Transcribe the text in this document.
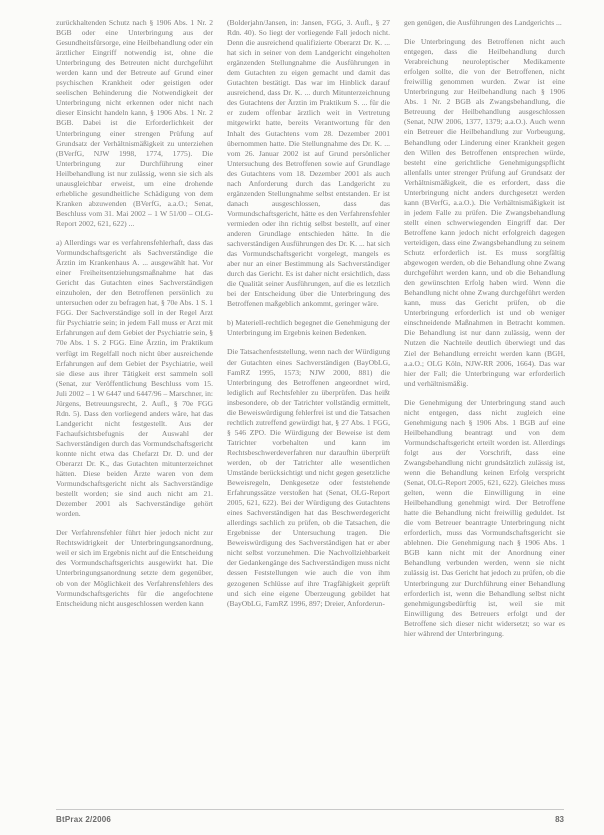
zurückhaltenden Schutz nach § 1906 Abs. 1 Nr. 2 BGB oder eine Unterbringung aus der Gesundheitsfürsorge, eine Heilbehandlung oder ein ärztlicher Eingriff notwendig ist, ohne die Unterbringung des Betreuten nicht durchgeführt werden kann und der Betreute auf Grund einer psychischen Krankheit oder geistigen oder seelischen Behinderung die Notwendigkeit der Unterbringung nicht erkennen oder nicht nach dieser Einsicht handeln kann, § 1906 Abs. 1 Nr. 2 BGB. Dabei ist die Erforderlichkeit der Unterbringung einer strengen Prüfung auf Grundsatz der Verhältnismäßigkeit zu unterziehen (BVerfG, NJW 1998, 1774, 1775). Die Unterbringung zur Durchführung einer Heilbehandlung ist nur zulässig, wenn sie sich als unausgleichbar erweist, um eine drohende erhebliche gesundheitliche Schädigung von dem Kranken abzuwenden (BVerfG, a.a.O.; Senat, Beschluss vom 31. Mai 2002 – 1 W 51/00 – OLG-Report 2002, 621, 622) ...

a) Allerdings war es verfahrensfehlerhaft, dass das Vormundschaftsgericht als Sachverständige die Ärztin im Krankenhaus A. ... ausgewählt hat. Vor einer Freiheitsentziehungsmaßnahme hat das Gericht das Gutachten eines Sachverständigen einzuholen, der den Betroffenen persönlich zu untersuchen oder zu befragen hat, § 70e Abs. 1 S. 1 FGG. Der Sachverständige soll in der Regel Arzt für Psychiatrie sein; in jedem Fall muss er Arzt mit Erfahrungen auf dem Gebiet der Psychiatrie sein, § 70e Abs. 1 S. 2 FGG. Eine Ärztin, im Praktikum verfügt im Regelfall noch nicht über ausreichende Erfahrungen auf dem Gebiet der Psychiatrie, weil sie diese aus ihrer Tätigkeit erst sammeln soll (Senat, zur Veröffentlichung Beschluss vom 15. Juli 2002 – 1 W 6447 und 6447/96 – Marschner, in: Jürgens, Betreuungsrecht, 2. Aufl., § 70e FGG Rdn. 5). Dass den vorliegend anders wäre, hat das Landgericht nicht festgestellt. Aus der Fachaufsichtsbefugnis der Auswahl der Sachverständigen durch das Vormundschaftsgericht konnte nicht etwa das Chefarzt Dr. D. und der Oberarzt Dr. K., das Gutachten mitunterzeichnet hätten. Diese beiden Ärzte waren von dem Vormundschaftsgericht nicht als Sachverständige bestellt worden; sie sind auch nicht am 21. Dezember 2001 als Sachverständige gehört worden.

Der Verfahrensfehler führt hier jedoch nicht zur Rechtswidrigkeit der Unterbringungsanordnung, weil er sich im Ergebnis nicht auf die Entscheidung des Vormundschaftsgerichts ausgewirkt hat. Die Unterbringungsanordnung setzte dem gegenüber, ob von der Möglichkeit des Verfahrensfehlers des Vormundschaftsgerichts für die angefochtene Entscheidung nicht ausgeschlossen werden kann

(Bolderjahn/Jansen, in: Jansen, FGG, 3. Aufl., § 27 Rdn. 40). So liegt der vorliegende Fall jedoch nicht. Denn die ausreichend qualifizierte Oberarzt Dr. K. ... hat sich in seiner von dem Landgericht eingeholten ergänzenden Stellungnahme die Ausführungen in dem Gutachten zu eigen gemacht und damit das Gutachten bestätigt. Das war im Hinblick darauf ausreichend, dass Dr. K. ... durch Mitunterzeichnung des Gutachtens der Ärztin im Praktikum S. ... für die er zudem offenbar ärztlich weit in Vertretung mitgewirkt hatte, bereits Verantwortung für den Inhalt des Gutachtens vom 28. Dezember 2001 übernommen hatte. Die Stellungnahme des Dr. K. ... vom 26. Januar 2002 ist auf Grund persönlicher Untersuchung des Betroffenen sowie auf Grundlage des Gutachtens vom 18. Dezember 2001 als auch nach Anforderung durch das Landgericht zu ergänzenden Stellungnahme selbst entstanden. Er ist danach ausgeschlossen, dass das Vormundschaftsgericht, hätte es den Verfahrensfehler vermieden oder ihn richtig selbst bestellt, auf einer anderen Grundlage entschieden hätte. In die sachverständigen Ausführungen des Dr. K. ... hat sich das Vormundschaftsgericht vorgelegt, mangels es aber nur an einer Bestimmung als Sachverständiger durch das Gericht. Es ist daher nicht ersichtlich, dass die Qualität seiner Ausführungen, auf die es letztlich bei der Entscheidung über die Unterbringung des Betroffenen maßgeblich ankommt, geringer wäre.

b) Materiell-rechtlich begegnet die Genehmigung der Unterbringung im Ergebnis keinen Bedenken.

Die Tatsachenfeststellung, wenn nach der Würdigung der Gutachten eines Sachverständigen (BayObLG, FamRZ 1995, 1573; NJW 2000, 881) die Unterbringung des Betroffenen angeordnet wird, lediglich auf Rechtsfehler zu überprüfen. Das heißt insbesondere, ob der Tatrichter vollständig ermittelt, die Beweiswürdigung fehlerfrei ist und die Tatsachen rechtlich zutreffend gewürdigt hat, § 27 Abs. 1 FGG, § 546 ZPO. Die Würdigung der Beweise ist dem Tatrichter vorbehalten und kann im Rechtsbeschwerdeverfahren nur daraufhin überprüft werden, ob der Tatrichter alle wesentlichen Umstände berücksichtigt und nicht gegen gesetzliche Beweisregeln, Denkgesetze oder feststehende Erfahrungssätze verstoßen hat (Senat, OLG-Report 2005, 621, 622). Bei der Würdigung des Gutachtens eines Sachverständigen hat das Beschwerdegericht allerdings sachlich zu prüfen, ob die Tatsachen, die Ergebnisse der Untersuchung tragen. Die Beweiswürdigung des Sachverständigen hat er aber nicht selbst vorzunehmen. Die Nachvollziehbarkeit der Gedankengänge des Sachverständigen muss nicht dessen Feststellungen wie auch die von ihm gezogenen Schlüsse auf ihre Tragfähigkeit geprüft und sich eine eigene Überzeugung gebildet hat (BayObLG, FamRZ 1996, 897; Dreier, Anforderun-

gen genügen, die Ausführungen des Landgerichts ...

Die Unterbringung des Betroffenen nicht auch entgegen, dass die Heilbehandlung durch Verabreichung neuroleptischer Medikamente erfolgen sollte, die von der Betroffenen, nicht freiwillig genommen wurden. Zwar ist eine Unterbringung zur Heilbehandlung nach § 1906 Abs. 1 Nr. 2 BGB als Zwangsbehandlung, die Betreuung der Heilbehandlung ausgeschlossen (Senat, NJW 2006, 1377, 1379; a.a.O.). Auch wenn ein Betreuer die Heilbehandlung zur Vorbeugung, Behandlung oder Linderung einer Krankheit gegen den Willen des Betroffenen entsprechen würde, besteht eine gerichtliche Genehmigungspflicht allenfalls unter strenger Prüfung auf Grundsatz der Verhältnismäßigkeit, die es erfordert, dass die Unterbringung nicht anders durchgesetzt werden kann (BVerfG, a.a.O.). Die Verhältnismäßigkeit ist in jedem Falle zu prüfen. Die Zwangsbehandlung stellt einen schwerwiegenden Eingriff dar. Der Betroffene kann jedoch nicht erfolgreich dagegen verteidigen, dass eine Zwangsbehandlung zu seinem Schutz erforderlich ist. Es muss sorgfältig abgewogen werden, ob die Behandlung ohne Zwang durchgeführt werden kann, und ob die Behandlung den gewünschten Erfolg haben wird. Wenn die Behandlung nicht ohne Zwang durchgeführt werden kann, muss das Gericht prüfen, ob die Unterbringung erforderlich ist und ob weniger einschneidende Maßnahmen in Betracht kommen. Die Behandlung ist nur dann zulässig, wenn der Nutzen die Nachteile deutlich überwiegt und das Ziel der Behandlung erreicht werden kann (BGH, a.a.O.; OLG Köln, NJW-RR 2006, 1664). Das war hier der Fall; die Unterbringung war erforderlich und verhältnismäßig.

Die Genehmigung der Unterbringung stand auch nicht entgegen, dass nicht zugleich eine Genehmigung nach § 1906 Abs. 1 BGB auf eine Heilbehandlung beantragt und von dem Vormundschaftsgericht erteilt worden ist. Allerdings folgt aus der Vorschrift, dass eine Zwangsbehandlung nicht grundsätzlich zulässig ist, wenn die Behandlung keinen Erfolg verspricht (Senat, OLG-Report 2005, 621, 622). Gleiches muss gelten, wenn die Einwilligung in eine Heilbehandlung genehmigt wird. Der Betroffene hatte die Behandlung nicht freiwillig geduldet. Ist die vom Betreuer beantragte Unterbringung nicht erforderlich, muss das Vormundschaftsgericht sie ablehnen. Die Genehmigung nach § 1906 Abs. 1 BGB kann nicht mit der Anordnung einer Behandlung verbunden werden, wenn sie nicht zulässig ist. Das Gericht hat jedoch zu prüfen, ob die Unterbringung zur Durchführung einer Behandlung erforderlich ist, wenn die Behandlung selbst nicht genehmigungsbedürftig ist, weil sie mit Einwilligung des Betreuers erfolgt und der Betroffene sich dieser nicht widersetzt; so war es hier während der Unterbringung.

BtPrax 2/2006	83
